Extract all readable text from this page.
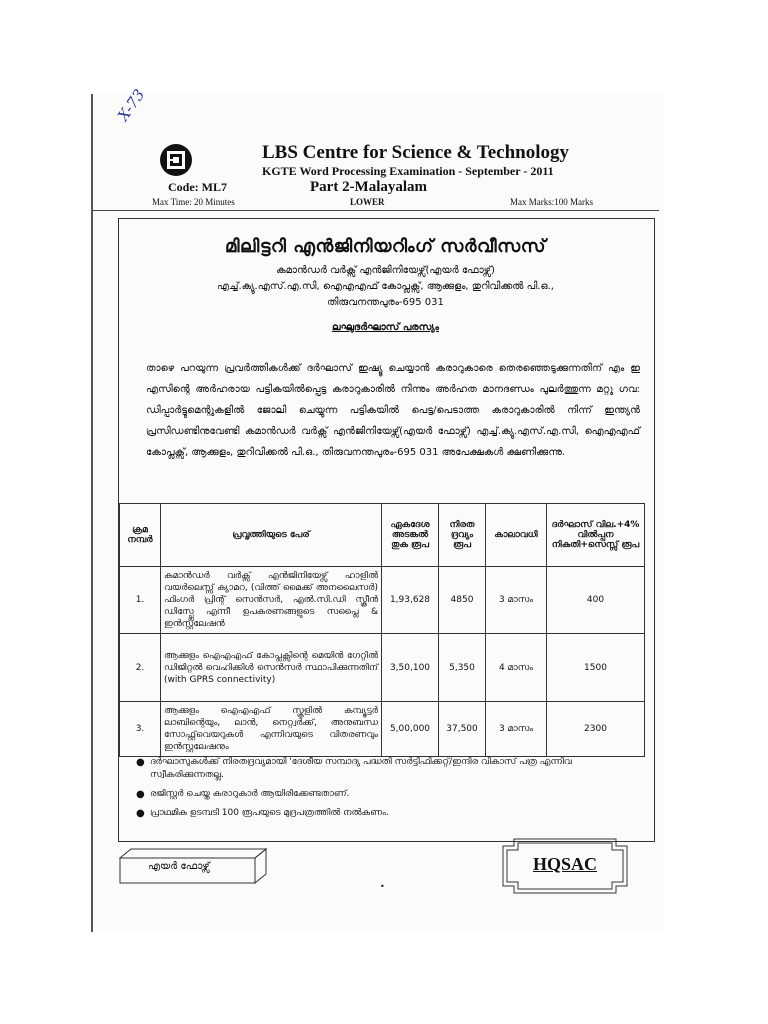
X-73
LBS Centre for Science & Technology
KGTE Word Processing Examination - September - 2011
Code: ML7	Part 2-Malayalam
Max Time: 20 Minutes	LOWER	Max Marks:100 Marks
മിലിട്ടറി എൻജിനിയറിംഗ് സർവീസസ്
കമാൻഡർ വർക്സ് എൻജിനിയേഴ്സ്(എയർ ഫോഴ്സ്)
എച്ച്.ക്യു.എസ്.എ.സി, ഐഎഎഫ് കോപ്ലക്സ്, ആക്കുളം, തുറിവിക്കൽ പി.ഒ.,
തിരുവനന്തപുരം-695 031
ലഘുദർഘാസ് പരസ്യം
താഴെ പറയുന്ന പ്രവർത്തികൾക്ക് ദർഘാസ് ഇഷ്യൂ ചെയ്യാൻ കരാറുകാരെ തെരഞ്ഞെടുക്കുന്നതിന് എം ഇ എസിന്റെ അർഹരായ പട്ടികയിൽപ്പെട്ട കരാറുകാരിൽ നിന്നും അർഹത മാനദണ്ഡം പുലർത്തുന്ന മറ്റു ഗവ: ഡിപ്പാർട്ടുമെന്റുകളിൽ ജോലി ചെയ്യുന്ന പട്ടികയിൽ പെട്ട/പെടാത്ത കരാറുകാരിൽ നിന്ന് ഇന്ത്യൻ പ്രസിഡണ്ടിനുവേണ്ടി കമാൻഡർ വർക്സ് എൻജിനിയേഴ്സ്(എയർ ഫോഴ്സ്) എച്ച്.ക്യു.എസ്.എ.സി, ഐഎഎഫ് കോപ്ലക്സ്, ആക്കുളം, തുറിവിക്കൽ പി.ഒ., തിരുവനന്തപുരം-695 031 അപേക്ഷകൾ ക്ഷണിക്കുന്നു.
ക്രമ നമ്പർ	പ്രവൃത്തിയുടെ പേര്	ഏകദേശ അടങ്കൽ തുക രൂപ	നിരത ദ്രവ്യം രൂപ	കാലാവധി	ദർഘാസ് വില.+4% വിൽപ്പന നികുതി+സെസ്സ് രൂപ
1.	കമാൻഡർ വർക്സ് എൻജിനിയേഴ്സ് ഹാളിൽ വയർലെസ്സ് ക്യാമറ, (വിത്ത് മൈക്ക് അനലൈസർ) ഫിംഗർ പ്രിന്റ് സെൻസർ, എൽ.സി.ഡി സ്ക്രീൻ ഡിസ്പ്ലേ എന്നീ ഉപകരണങ്ങളുടെ സപ്ലൈ & ഇൻസ്റ്റലേഷൻ	1,93,628	4850	3 മാസം	400
2.	ആക്കുളം ഐഎഎഫ് കോപ്ലക്സിന്റെ മെയിൻ ഗേറ്റിൽ ഡിജിറ്റൽ വെഹിക്കിൾ സെൻസർ സ്ഥാപിക്കുന്നതിന് (with GPRS connectivity)	3,50,100	5,350	4 മാസം	1500
3.	ആക്കുളം ഐഎഎഫ് സ്കൂളിൽ കമ്പ്യൂട്ടർ ലാബിന്റെയും, ലാൻ, നെറ്റ്വർക്ക്, അനുബന്ധ സോഫ്റ്റ്‌വെയറുകൾ എന്നിവയുടെ വിതരണവും ഇൻസ്റ്റലേഷനും	5,00,000	37,500	3 മാസം	2300
● ദർഘാസുകൾക്ക് നിരതദ്രവ്യമായി 'ദേശീയ സമ്പാദ്യ പദ്ധതി സർട്ടിഫിക്കറ്റ്/ഇന്ദിര വികാസ് പത്ര എന്നിവ സ്വീകരിക്കുന്നതല്ല.
● രജിസ്റ്റർ ചെയ്ത കരാറുകാർ ആയിരിക്കേണ്ടതാണ്.
● പ്രാഥമിക ഉടമ്പടി 100 രൂപയുടെ മുദ്രപത്രത്തിൽ നൽകണം.
എയർ ഫോഴ്സ്	HQSAC
•
